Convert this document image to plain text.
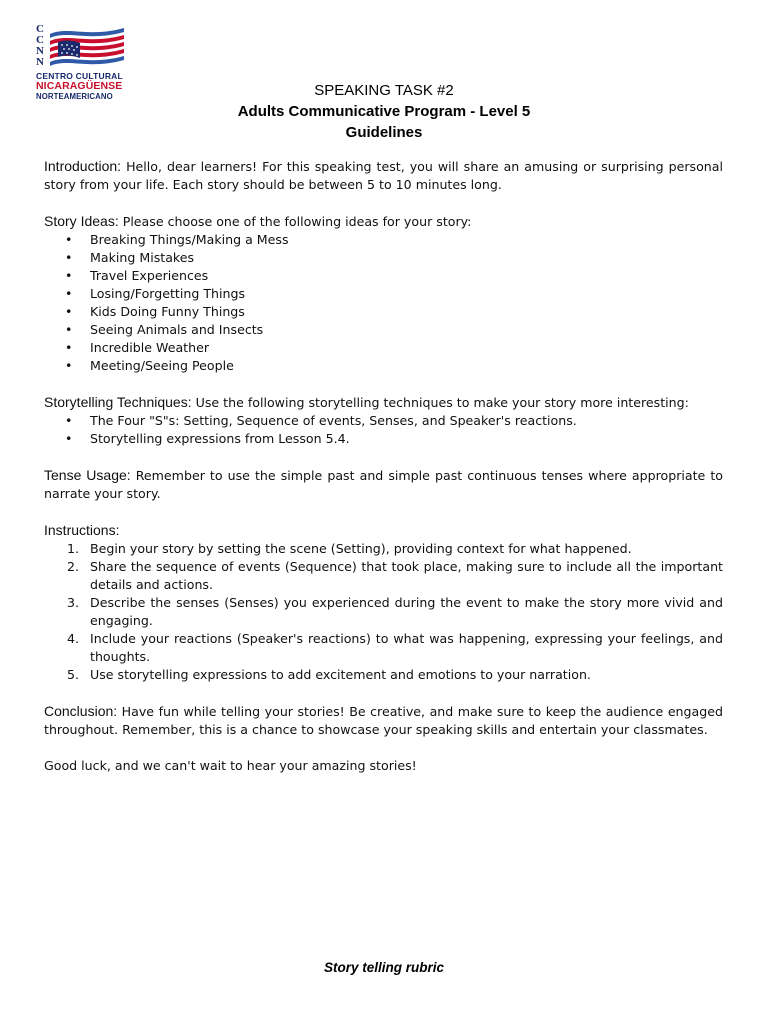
C
C
N
N
CENTRO CULTURAL
NICARAGÜENSE
NORTEAMERICANO	SPEAKING TASK #2
Adults Communicative Program - Level 5
Guidelines
Introduction: Hello, dear learners! For this speaking test, you will share an amusing or surprising personal story from your life. Each story should be between 5 to 10 minutes long.
Story Ideas: Please choose one of the following ideas for your story:
• Breaking Things/Making a Mess
• Making Mistakes
• Travel Experiences
• Losing/Forgetting Things
• Kids Doing Funny Things
• Seeing Animals and Insects
• Incredible Weather
• Meeting/Seeing People
Storytelling Techniques: Use the following storytelling techniques to make your story more interesting:
• The Four "S"s: Setting, Sequence of events, Senses, and Speaker's reactions.
• Storytelling expressions from Lesson 5.4.
Tense Usage: Remember to use the simple past and simple past continuous tenses where appropriate to narrate your story.
Instructions:
1. Begin your story by setting the scene (Setting), providing context for what happened.
2. Share the sequence of events (Sequence) that took place, making sure to include all the important details and actions.
3. Describe the senses (Senses) you experienced during the event to make the story more vivid and engaging.
4. Include your reactions (Speaker's reactions) to what was happening, expressing your feelings, and thoughts.
5. Use storytelling expressions to add excitement and emotions to your narration.
Conclusion: Have fun while telling your stories! Be creative, and make sure to keep the audience engaged throughout. Remember, this is a chance to showcase your speaking skills and entertain your classmates.
Good luck, and we can't wait to hear your amazing stories!
Story telling rubric
